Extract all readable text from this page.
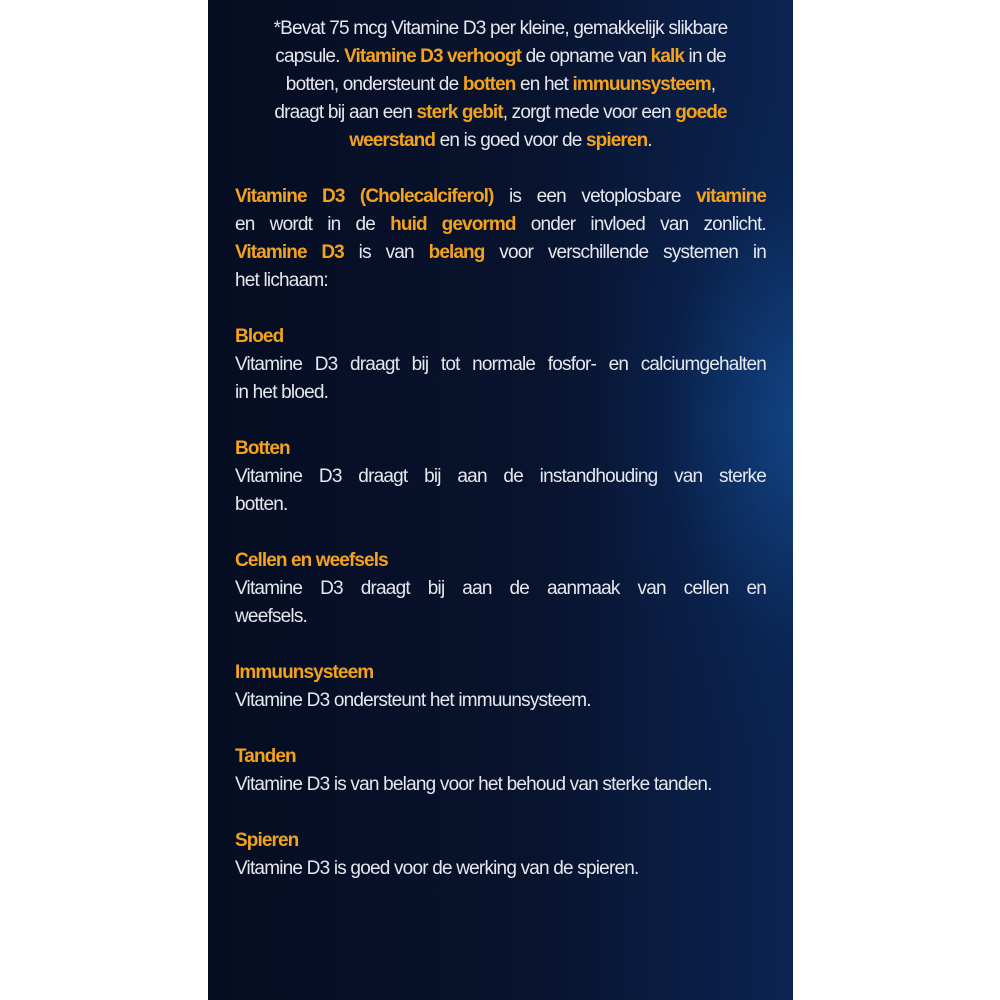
*Bevat 75 mcg Vitamine D3 per kleine, gemakkelijk slikbare
capsule. Vitamine D3 verhoogt de opname van kalk in de
botten, ondersteunt de botten en het immuunsysteem,
draagt bij aan een sterk gebit, zorgt mede voor een goede
weerstand en is goed voor de spieren.
Vitamine D3 (Cholecalciferol) is een vetoplosbare vitamine
en wordt in de huid gevormd onder invloed van zonlicht.
Vitamine D3 is van belang voor verschillende systemen in
het lichaam:
Bloed
Vitamine D3 draagt bij tot normale fosfor- en calciumgehalten
in het bloed.
Botten
Vitamine D3 draagt bij aan de instandhouding van sterke
botten.
Cellen en weefsels
Vitamine D3 draagt bij aan de aanmaak van cellen en
weefsels.
Immuunsysteem
Vitamine D3 ondersteunt het immuunsysteem.
Tanden
Vitamine D3 is van belang voor het behoud van sterke tanden.
Spieren
Vitamine D3 is goed voor de werking van de spieren.
